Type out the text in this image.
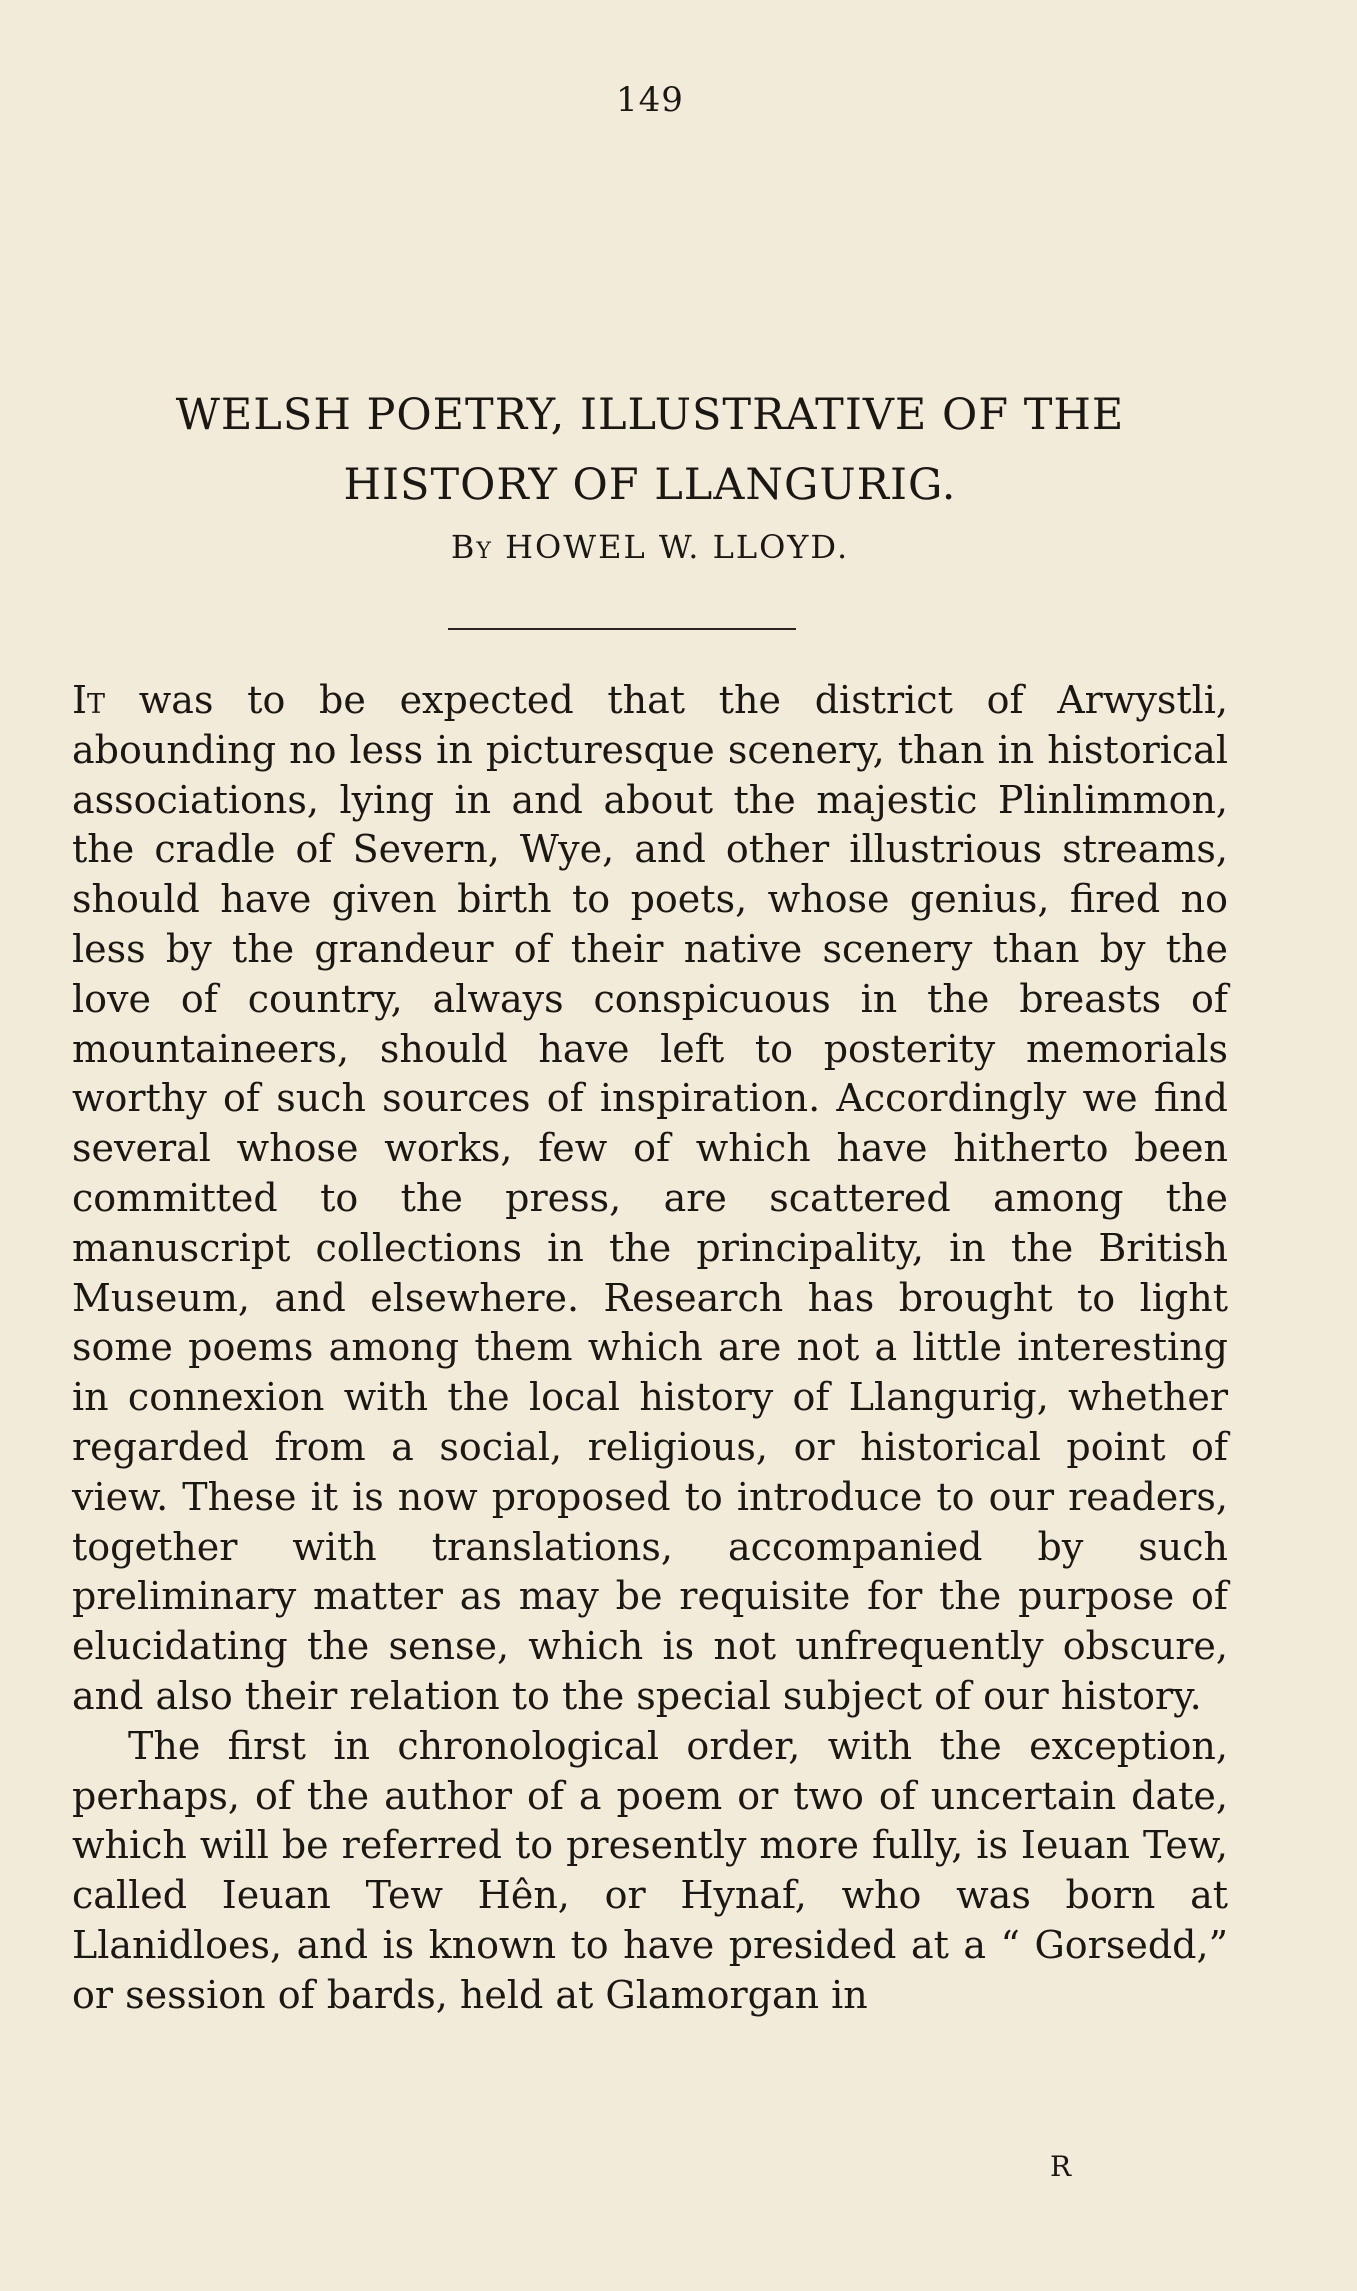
149
WELSH POETRY, ILLUSTRATIVE OF THE
HISTORY OF LLANGURIG.
By HOWEL W. LLOYD.

It was to be expected that the district of Arwystli, abounding no less in picturesque scenery, than in historical associations, lying in and about the majestic Plinlimmon, the cradle of Severn, Wye, and other illustrious streams, should have given birth to poets, whose genius, fired no less by the grandeur of their native scenery than by the love of country, always conspicuous in the breasts of mountaineers, should have left to posterity memorials worthy of such sources of inspiration. Accordingly we find several whose works, few of which have hitherto been committed to the press, are scattered among the manuscript collections in the principality, in the British Museum, and elsewhere. Research has brought to light some poems among them which are not a little interesting in connexion with the local history of Llangurig, whether regarded from a social, religious, or historical point of view. These it is now proposed to introduce to our readers, together with translations, accompanied by such preliminary matter as may be requisite for the purpose of elucidating the sense, which is not unfrequently obscure, and also their relation to the special subject of our history.

The first in chronological order, with the exception, perhaps, of the author of a poem or two of uncertain date, which will be referred to presently more fully, is Ieuan Tew, called Ieuan Tew Hên, or Hynaf, who was born at Llanidloes, and is known to have presided at a “ Gorsedd,” or session of bards, held at Glamorgan in

R
